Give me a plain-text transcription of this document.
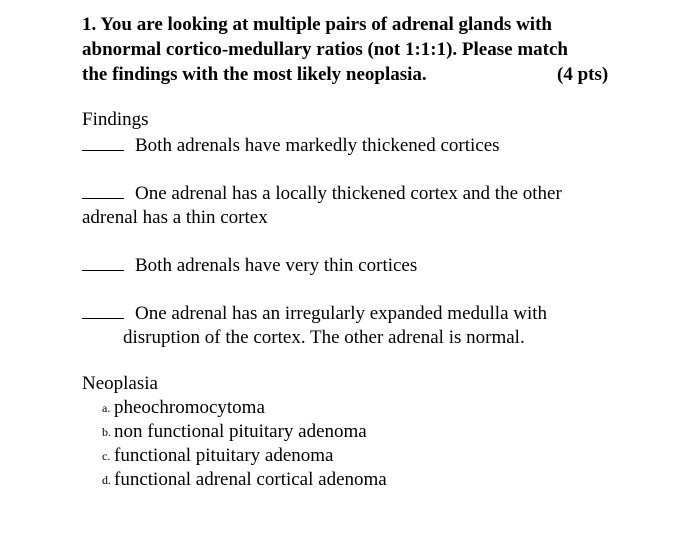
1. You are looking at multiple pairs of adrenal glands with
abnormal cortico-medullary ratios (not 1:1:1). Please match
the findings with the most likely neoplasia.	(4 pts)
Findings
Both adrenals have markedly thickened cortices
One adrenal has a locally thickened cortex and the other
adrenal has a thin cortex
Both adrenals have very thin cortices
One adrenal has an irregularly expanded medulla with
disruption of the cortex. The other adrenal is normal.
Neoplasia
a. pheochromocytoma
b. non functional pituitary adenoma
c. functional pituitary adenoma
d. functional adrenal cortical adenoma
